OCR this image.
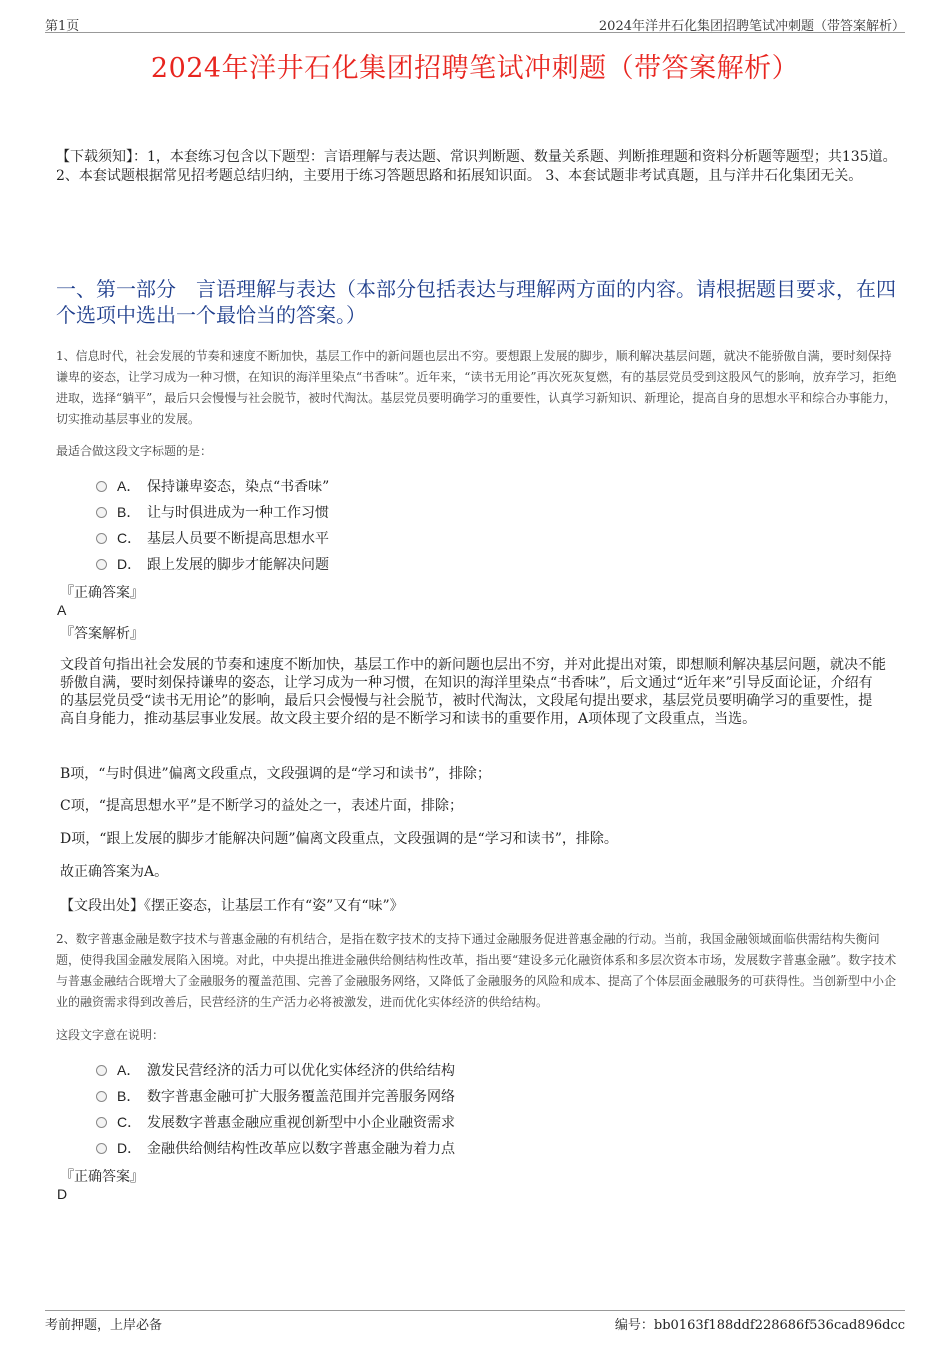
第1页	2024年洋井石化集团招聘笔试冲刺题（带答案解析）
2024年洋井石化集团招聘笔试冲刺题（带答案解析）
【下载须知】：1，本套练习包含以下题型：言语理解与表达题、常识判断题、数量关系题、判断推理题和资料分析题等题型；共135道。 2、本套试题根据常见招考题总结归纳，主要用于练习答题思路和拓展知识面。 3、本套试题非考试真题，且与洋井石化集团无关。
一、第一部分　言语理解与表达（本部分包括表达与理解两方面的内容。请根据题目要求，在四个选项中选出一个最恰当的答案。）
1、信息时代，社会发展的节奏和速度不断加快，基层工作中的新问题也层出不穷。要想跟上发展的脚步，顺利解决基层问题，就决不能骄傲自满，要时刻保持谦卑的姿态，让学习成为一种习惯，在知识的海洋里染点“书香味”。近年来，“读书无用论”再次死灰复燃，有的基层党员受到这股风气的影响，放弃学习，拒绝进取，选择“躺平”，最后只会慢慢与社会脱节，被时代淘汰。基层党员要明确学习的重要性，认真学习新知识、新理论，提高自身的思想水平和综合办事能力，切实推动基层事业的发展。
最适合做这段文字标题的是：
A． 保持谦卑姿态，染点“书香味”
B． 让与时俱进成为一种工作习惯
C． 基层人员要不断提高思想水平
D． 跟上发展的脚步才能解决问题
『正确答案』
A
『答案解析』
文段首句指出社会发展的节奏和速度不断加快，基层工作中的新问题也层出不穷，并对此提出对策，即想顺利解决基层问题，就决不能骄傲自满，要时刻保持谦卑的姿态，让学习成为一种习惯，在知识的海洋里染点“书香味”，后文通过“近年来”引导反面论证，介绍有的基层党员受“读书无用论”的影响，最后只会慢慢与社会脱节，被时代淘汰，文段尾句提出要求，基层党员要明确学习的重要性，提高自身能力，推动基层事业发展。故文段主要介绍的是不断学习和读书的重要作用，A项体现了文段重点，当选。
B项，“与时俱进”偏离文段重点，文段强调的是“学习和读书”，排除；
C项，“提高思想水平”是不断学习的益处之一，表述片面，排除；
D项，“跟上发展的脚步才能解决问题”偏离文段重点，文段强调的是“学习和读书”，排除。
故正确答案为A。
【文段出处】《摆正姿态，让基层工作有“姿”又有“味”》
2、数字普惠金融是数字技术与普惠金融的有机结合，是指在数字技术的支持下通过金融服务促进普惠金融的行动。当前，我国金融领域面临供需结构失衡问题，使得我国金融发展陷入困境。对此，中央提出推进金融供给侧结构性改革，指出要“建设多元化融资体系和多层次资本市场，发展数字普惠金融”。数字技术与普惠金融结合既增大了金融服务的覆盖范围、完善了金融服务网络，又降低了金融服务的风险和成本、提高了个体层面金融服务的可获得性。当创新型中小企业的融资需求得到改善后，民营经济的生产活力必将被激发，进而优化实体经济的供给结构。
这段文字意在说明：
A． 激发民营经济的活力可以优化实体经济的供给结构
B． 数字普惠金融可扩大服务覆盖范围并完善服务网络
C． 发展数字普惠金融应重视创新型中小企业融资需求
D． 金融供给侧结构性改革应以数字普惠金融为着力点
『正确答案』
D
考前押题，上岸必备	编号：bb0163f188ddf228686f536cad896dcc
